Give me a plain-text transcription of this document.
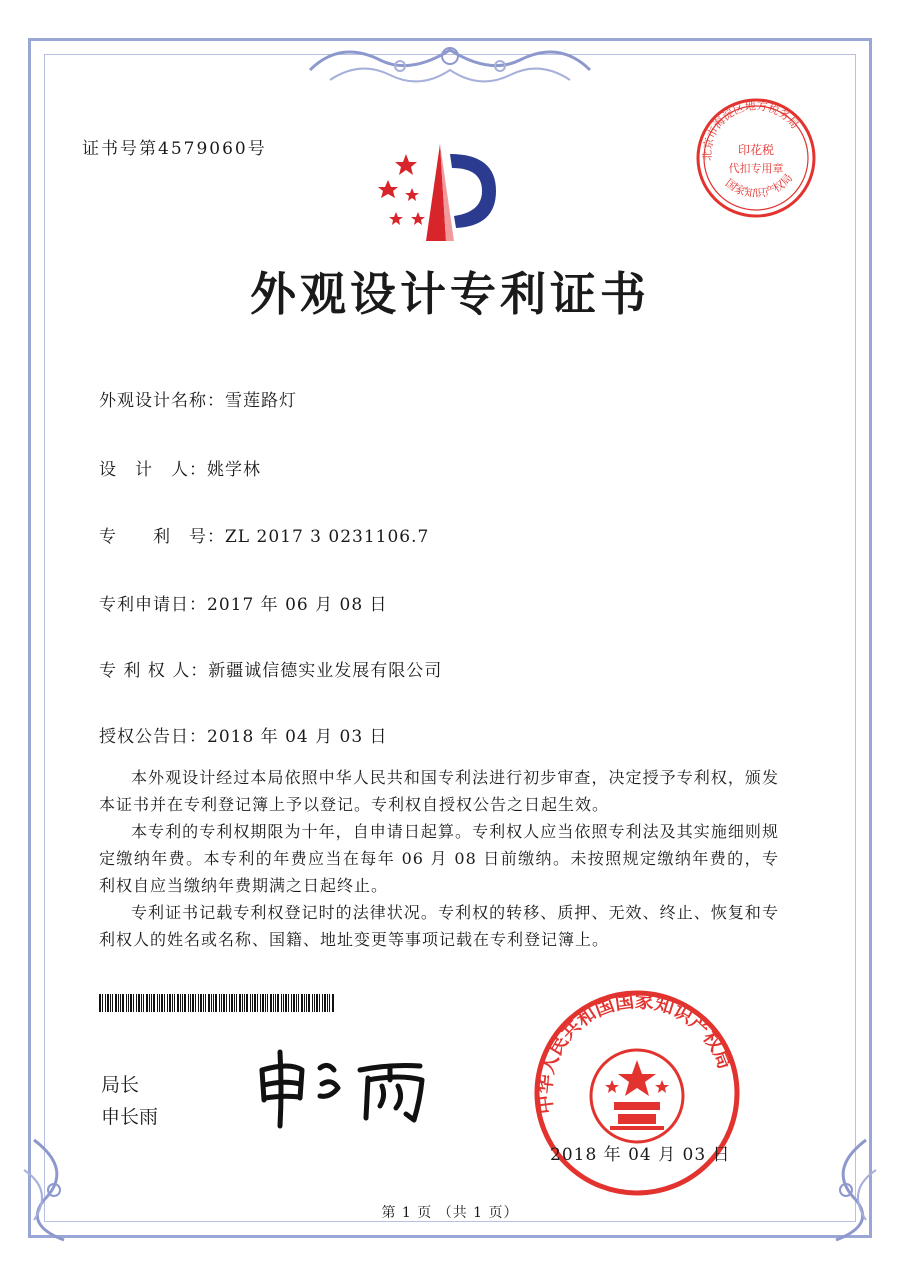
证书号第4579060号	北京市海淀区地方税务局
国家知识产权局
印花税
代扣专用章
外观设计专利证书
外观设计名称：雪莲路灯
设　计　人：姚学林
专　　利　号：ZL 2017 3 0231106.7
专利申请日：2017 年 06 月 08 日
专 利 权 人：新疆诚信德实业发展有限公司
授权公告日：2018 年 04 月 03 日

本外观设计经过本局依照中华人民共和国专利法进行初步审查，决定授予专利权，颁发本证书并在专利登记簿上予以登记。专利权自授权公告之日起生效。

本专利的专利权期限为十年，自申请日起算。专利权人应当依照专利法及其实施细则规定缴纳年费。本专利的年费应当在每年 06 月 08 日前缴纳。未按照规定缴纳年费的，专利权自应当缴纳年费期满之日起终止。

专利证书记载专利权登记时的法律状况。专利权的转移、质押、无效、终止、恢复和专利权人的姓名或名称、国籍、地址变更等事项记载在专利登记簿上。

局长
申长雨
中华人民共和国国家知识产权局
2018 年 04 月 03 日
第 1 页 （共 1 页）
